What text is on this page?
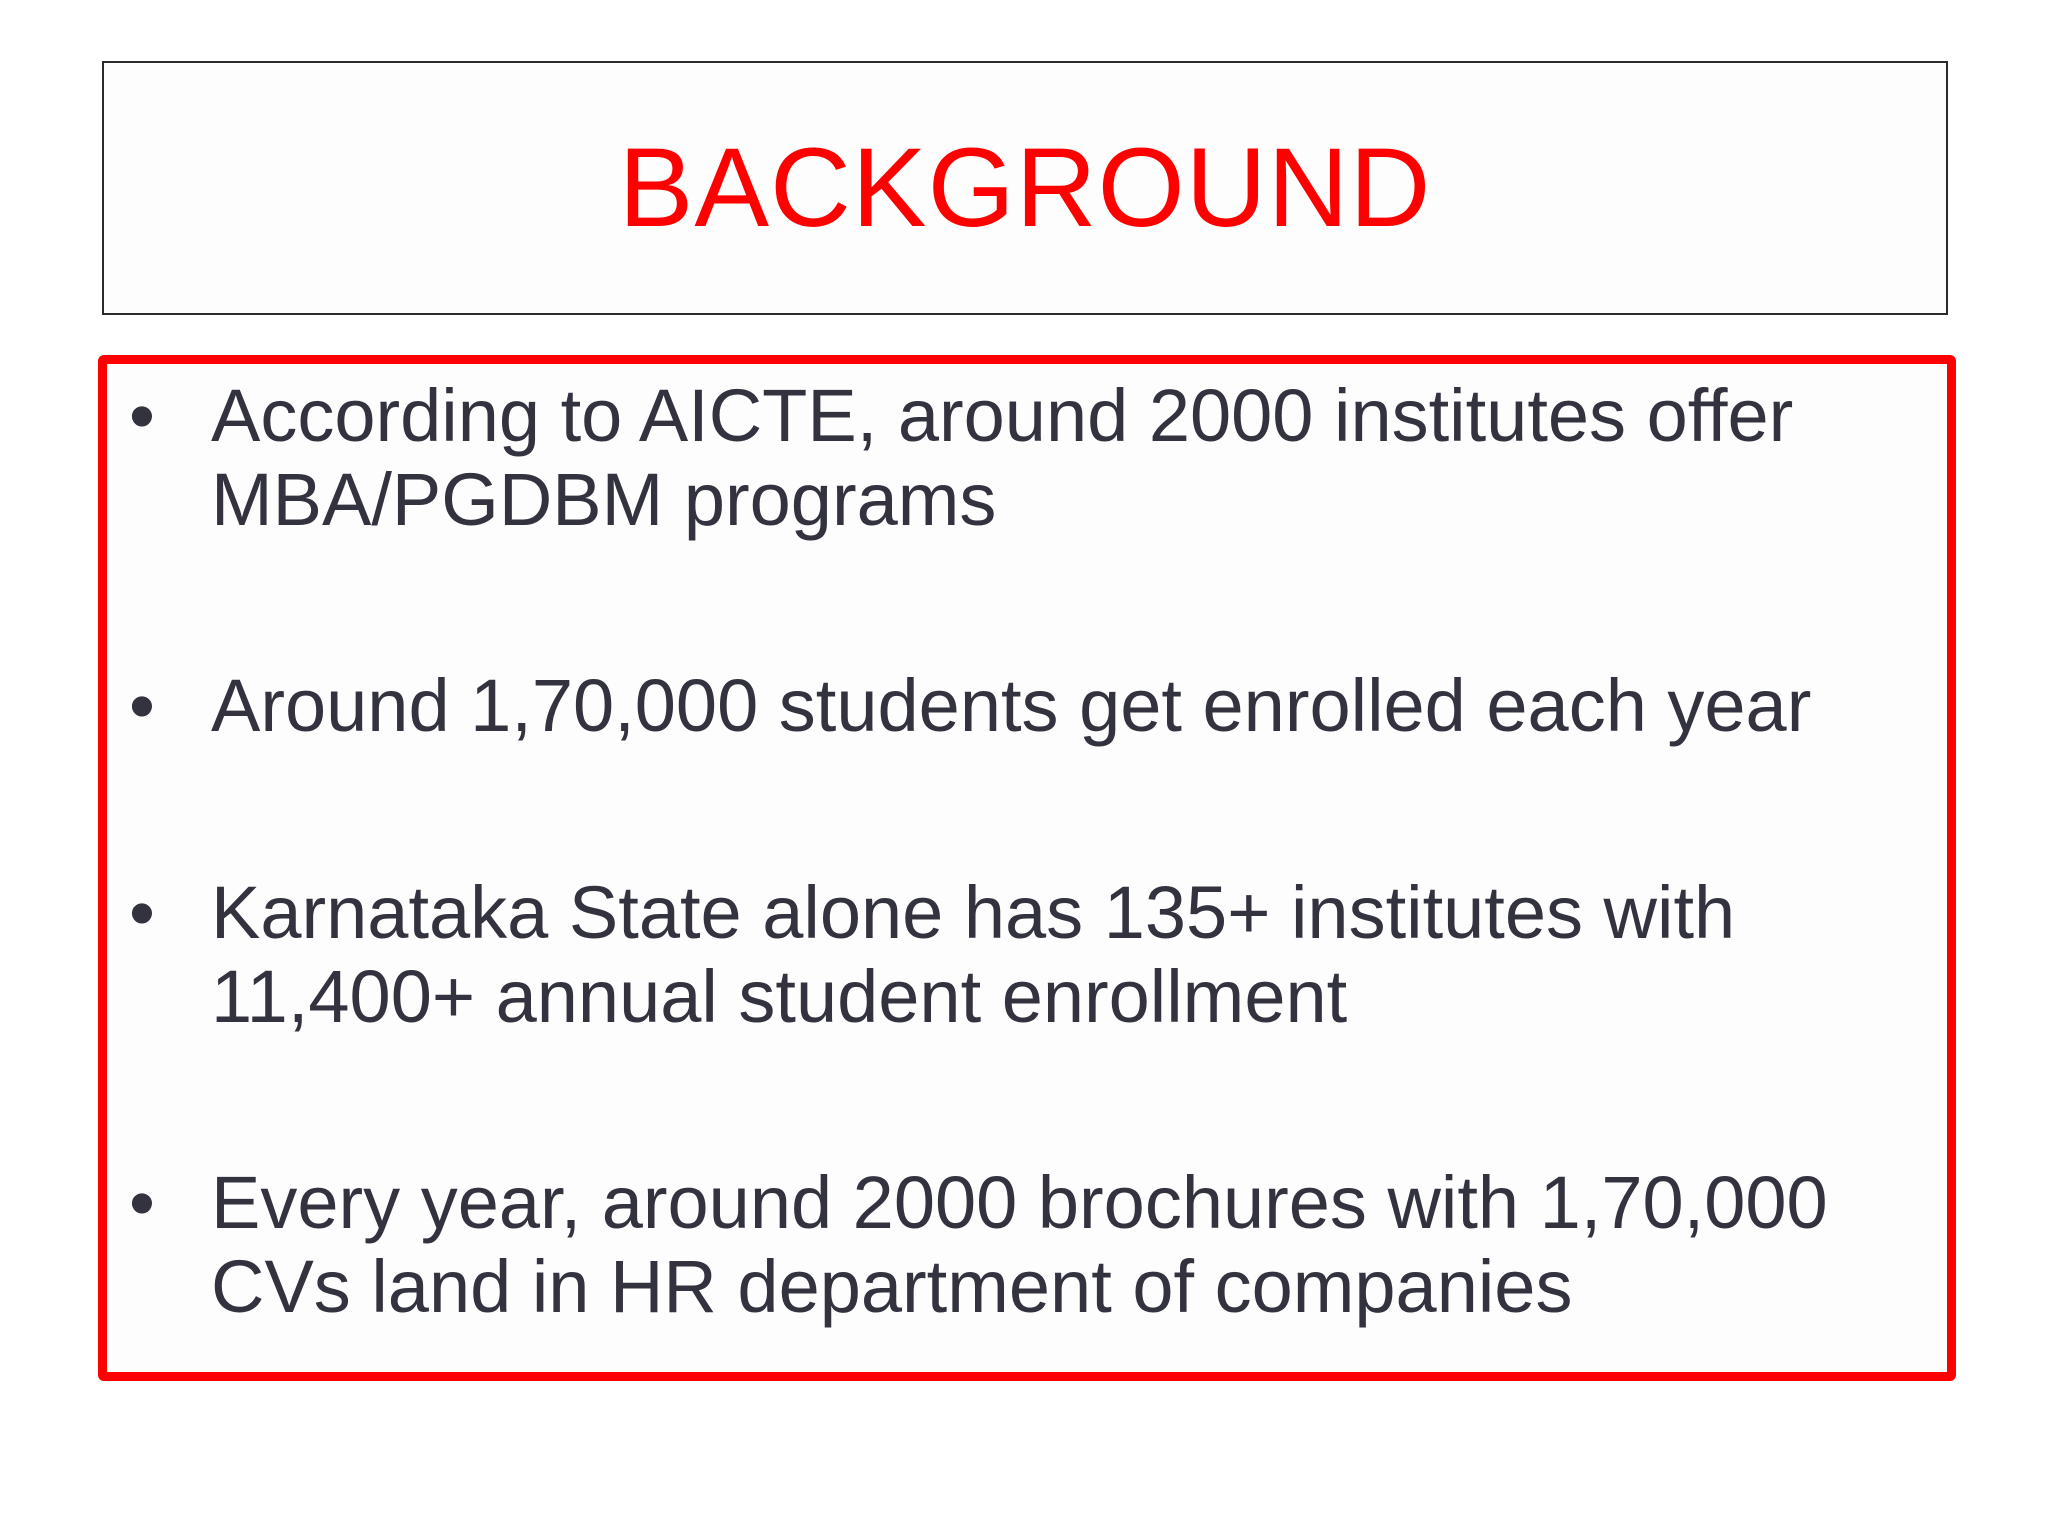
BACKGROUND
• According to AICTE, around 2000 institutes offer MBA/PGDBM programs
• Around 1,70,000 students get enrolled each year
• Karnataka State alone has 135+ institutes with 11,400+ annual student enrollment
• Every year, around 2000 brochures with 1,70,000 CVs land in HR department of companies
